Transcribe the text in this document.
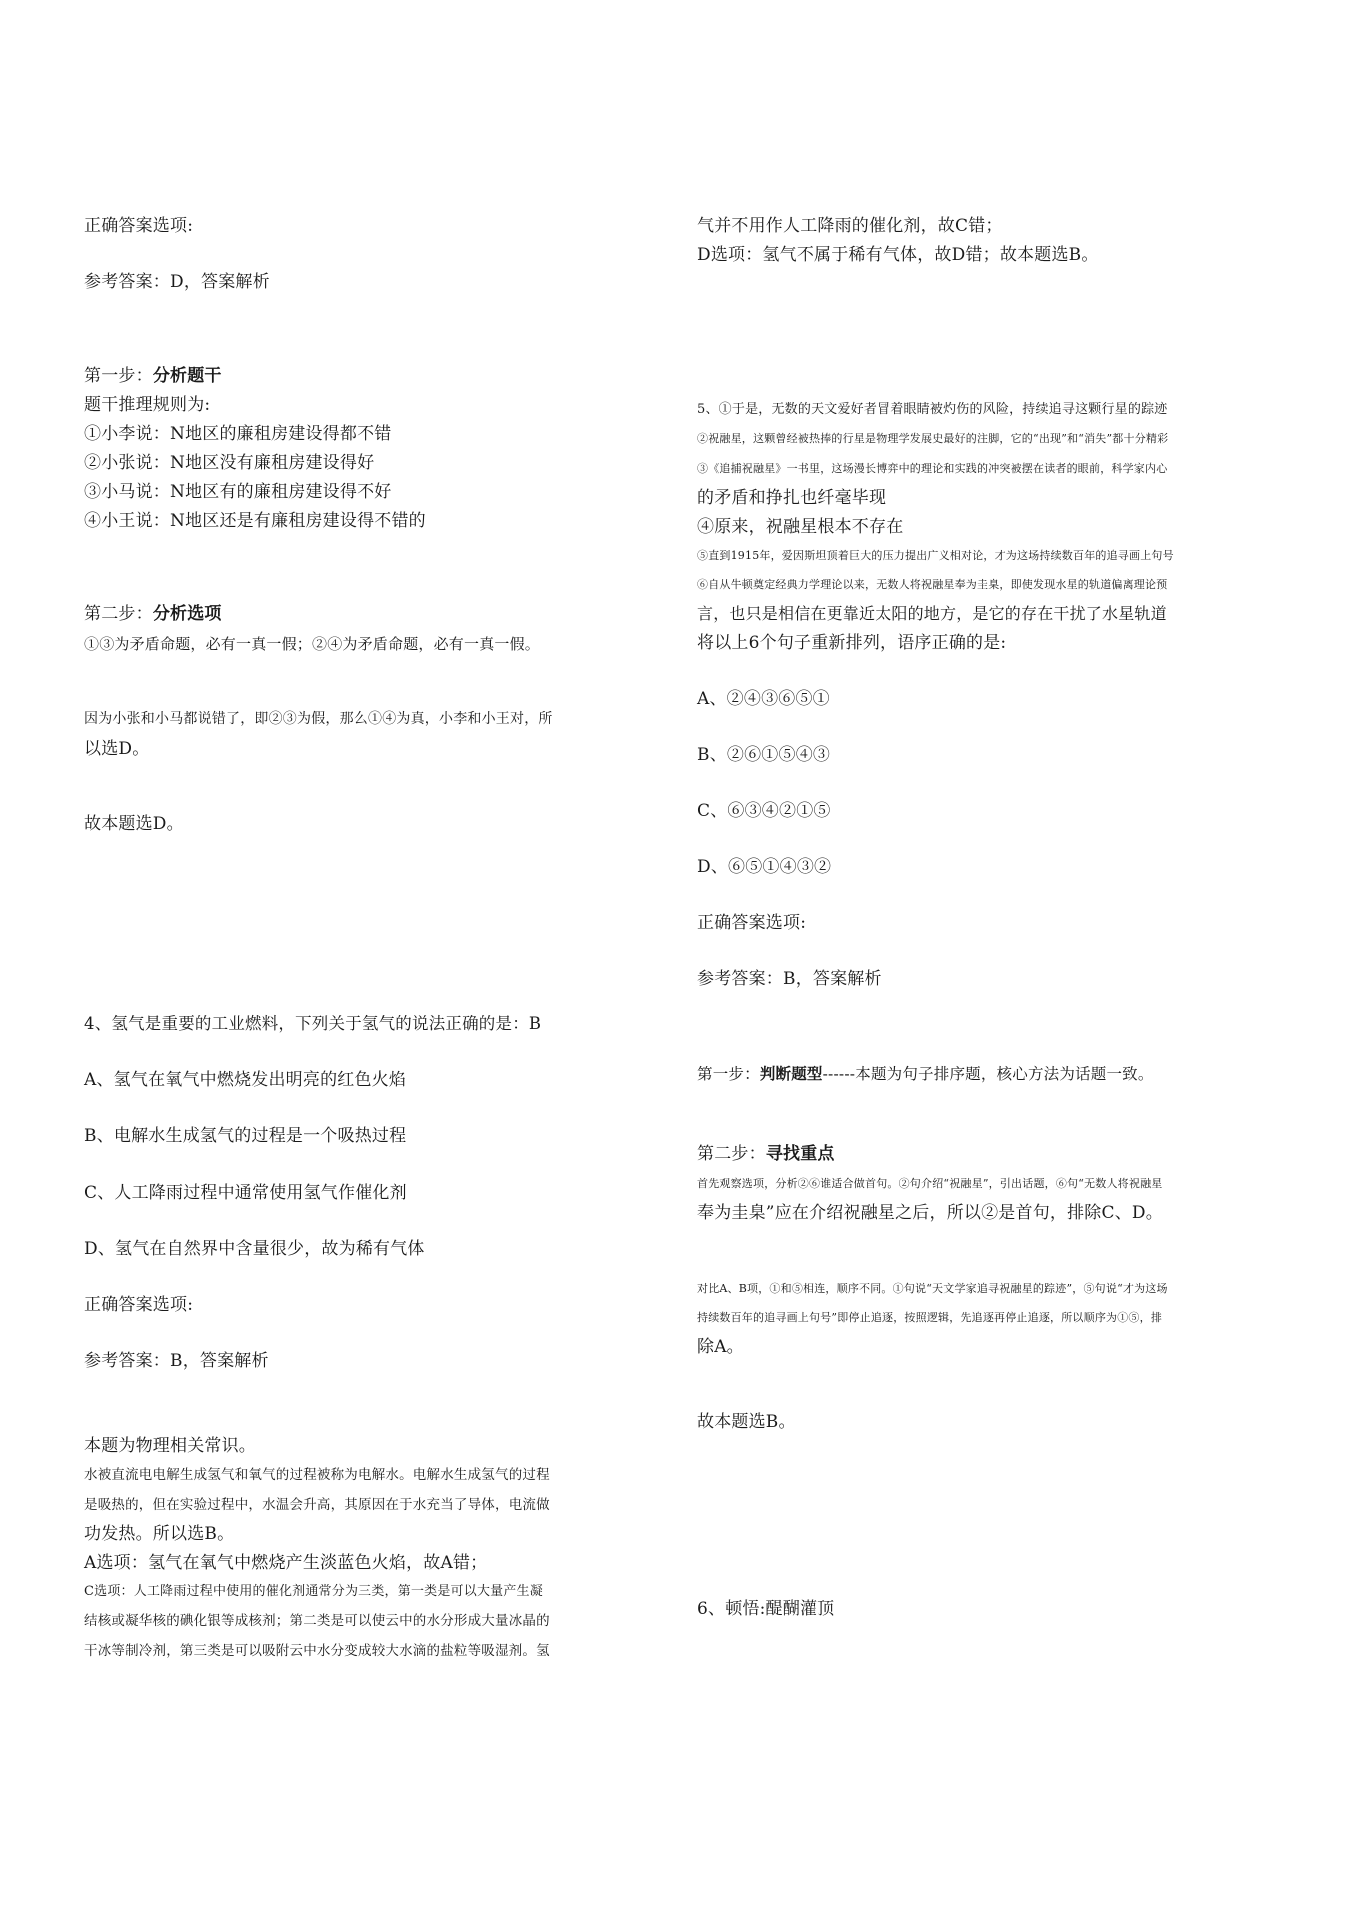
正确答案选项:
参考答案：D，答案解析
第一步：分析题干
题干推理规则为:
①小李说：N地区的廉租房建设得都不错
②小张说：N地区没有廉租房建设得好
③小马说：N地区有的廉租房建设得不好
④小王说：N地区还是有廉租房建设得不错的
第二步：分析选项
①③为矛盾命题，必有一真一假；②④为矛盾命题，必有一真一假。
因为小张和小马都说错了，即②③为假，那么①④为真，小李和小王对，所
以选D。
故本题选D。
4、氢气是重要的工业燃料，下列关于氢气的说法正确的是：B
A、氢气在氧气中燃烧发出明亮的红色火焰
B、电解水生成氢气的过程是一个吸热过程
C、人工降雨过程中通常使用氢气作催化剂
D、氢气在自然界中含量很少，故为稀有气体
正确答案选项:
参考答案：B，答案解析
本题为物理相关常识。
水被直流电电解生成氢气和氧气的过程被称为电解水。电解水生成氢气的过程
是吸热的，但在实验过程中，水温会升高，其原因在于水充当了导体，电流做
功发热。所以选B。
A选项：氢气在氧气中燃烧产生淡蓝色火焰，故A错；
C选项：人工降雨过程中使用的催化剂通常分为三类，第一类是可以大量产生凝
结核或凝华核的碘化银等成核剂；第二类是可以使云中的水分形成大量冰晶的
干冰等制冷剂，第三类是可以吸附云中水分变成较大水滴的盐粒等吸湿剂。氢
气并不用作人工降雨的催化剂，故C错；
D选项：氢气不属于稀有气体，故D错；故本题选B。
5、①于是，无数的天文爱好者冒着眼睛被灼伤的风险，持续追寻这颗行星的踪迹
②祝融星，这颗曾经被热捧的行星是物理学发展史最好的注脚，它的“出现”和“消失”都十分精彩
③《追捕祝融星》一书里，这场漫长博弈中的理论和实践的冲突被摆在读者的眼前，科学家内心
的矛盾和挣扎也纤毫毕现
④原来，祝融星根本不存在
⑤直到1915年，爱因斯坦顶着巨大的压力提出广义相对论，才为这场持续数百年的追寻画上句号
⑥自从牛顿奠定经典力学理论以来，无数人将祝融星奉为圭臬，即使发现水星的轨道偏离理论预
言，也只是相信在更靠近太阳的地方，是它的存在干扰了水星轨道
将以上6个句子重新排列，语序正确的是:
A、②④③⑥⑤①
B、②⑥①⑤④③
C、⑥③④②①⑤
D、⑥⑤①④③②
正确答案选项:
参考答案：B，答案解析
第一步：判断题型------本题为句子排序题，核心方法为话题一致。
第二步：寻找重点
首先观察选项，分析②⑥谁适合做首句。②句介绍“祝融星”，引出话题，⑥句“无数人将祝融星
奉为圭臬”应在介绍祝融星之后，所以②是首句，排除C、D。
对比A、B项，①和⑤相连，顺序不同。①句说“天文学家追寻祝融星的踪迹”，⑤句说“才为这场
持续数百年的追寻画上句号”即停止追逐，按照逻辑，先追逐再停止追逐，所以顺序为①⑤，排
除A。
故本题选B。
6、顿悟:醍醐灌顶
